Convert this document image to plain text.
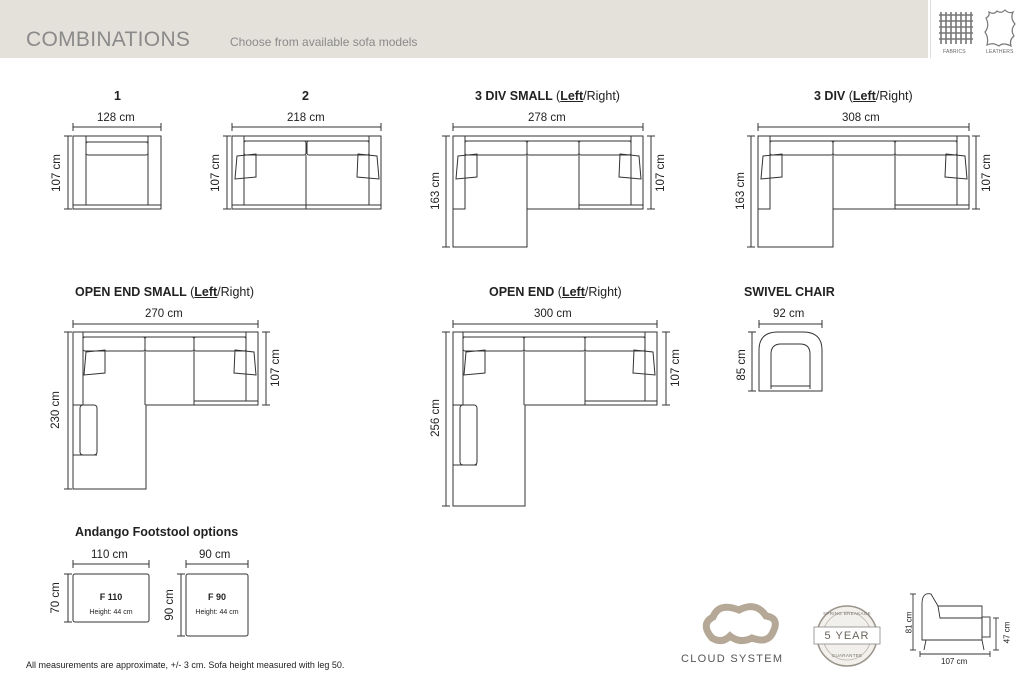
COMBINATIONS	Choose from available sofa models
FABRICS	LEATHERS
1	2	3 DIV SMALL (Left/Right)	3 DIV (Left/Right)
OPEN END SMALL (Left/Right)	OPEN END (Left/Right)	SWIVEL CHAIR
Andango Footstool options
128 cm	218 cm	278 cm	308 cm
270 cm	300 cm	92 cm
110 cm	90 cm
107 cm	107 cm	163 cm	107 cm	163 cm	107 cm
230 cm
107 cm
256 cm
107 cm	85 cm
70 cm	90 cm
F 110
Height: 44 cm
F 90
Height: 44 cm
CLOUD SYSTEM
SPRING BREAKAGE
5 YEAR
GUARANTEE
81 cm	47 cm
107 cm
All measurements are approximate, +/- 3 cm. Sofa height measured with leg 50.
